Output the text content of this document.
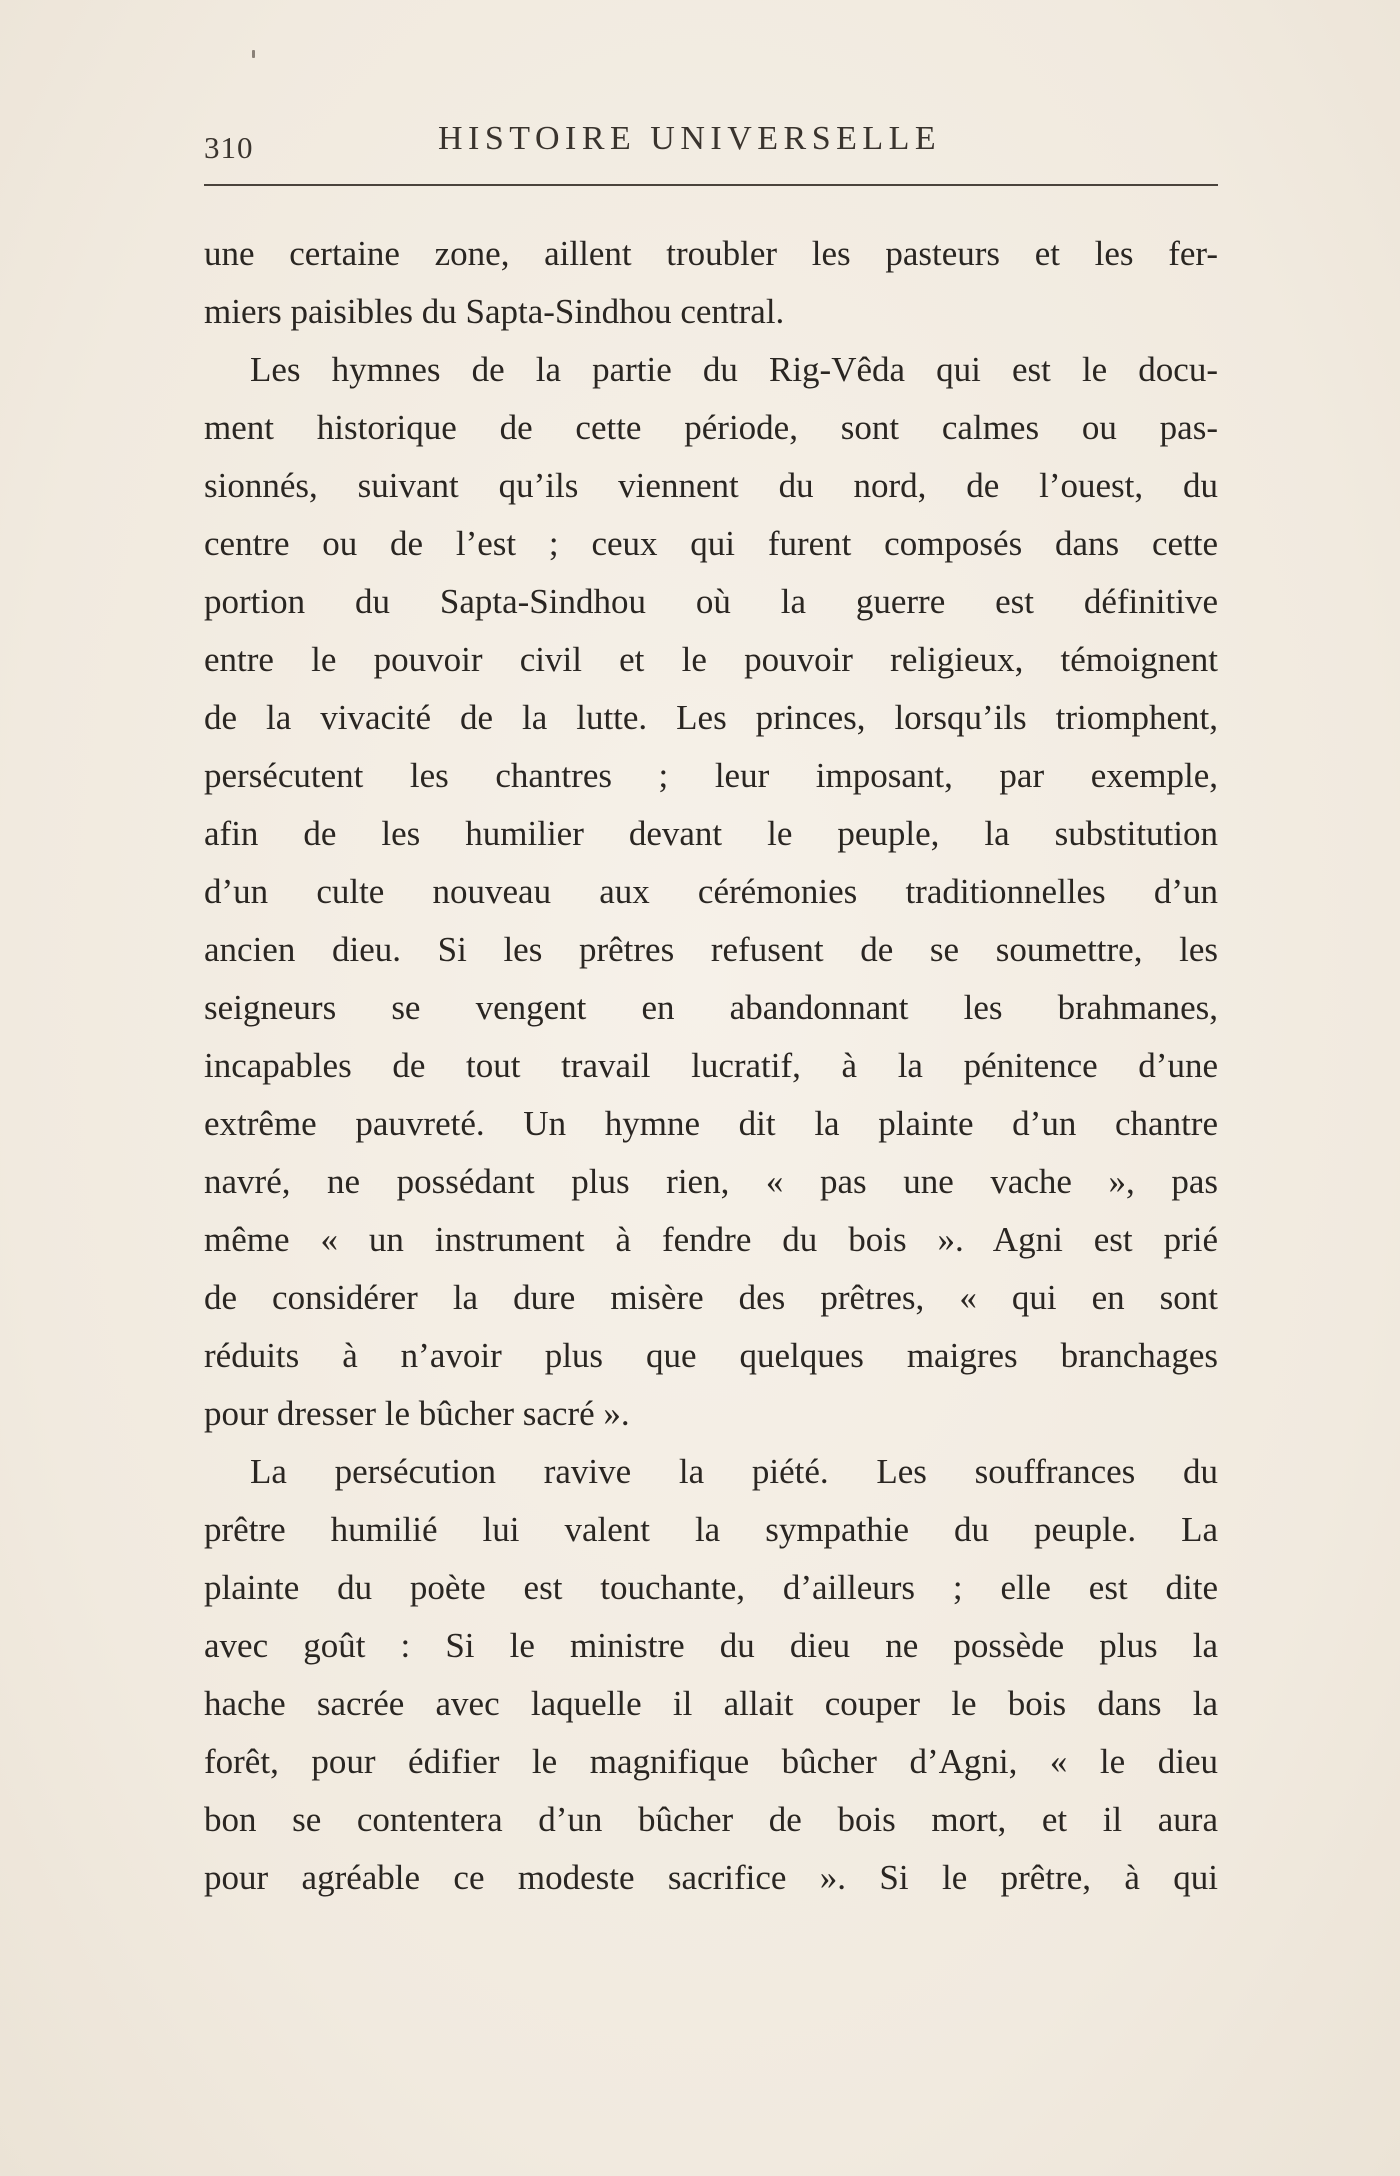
310	HISTOIRE UNIVERSELLE
une certaine zone, aillent troubler les pasteurs et les fer-
miers paisibles du Sapta-Sindhou central.
Les hymnes de la partie du Rig-Vêda qui est le docu-
ment historique de cette période, sont calmes ou pas-
sionnés, suivant qu’ils viennent du nord, de l’ouest, du
centre ou de l’est ; ceux qui furent composés dans cette
portion du Sapta-Sindhou où la guerre est définitive
entre le pouvoir civil et le pouvoir religieux, témoignent
de la vivacité de la lutte. Les princes, lorsqu’ils triomphent,
persécutent les chantres ; leur imposant, par exemple,
afin de les humilier devant le peuple, la substitution
d’un culte nouveau aux cérémonies traditionnelles d’un
ancien dieu. Si les prêtres refusent de se soumettre, les
seigneurs se vengent en abandonnant les brahmanes,
incapables de tout travail lucratif, à la pénitence d’une
extrême pauvreté. Un hymne dit la plainte d’un chantre
navré, ne possédant plus rien, « pas une vache », pas
même « un instrument à fendre du bois ». Agni est prié
de considérer la dure misère des prêtres, « qui en sont
réduits à n’avoir plus que quelques maigres branchages
pour dresser le bûcher sacré ».
La persécution ravive la piété. Les souffrances du
prêtre humilié lui valent la sympathie du peuple. La
plainte du poète est touchante, d’ailleurs ; elle est dite
avec goût : Si le ministre du dieu ne possède plus la
hache sacrée avec laquelle il allait couper le bois dans la
forêt, pour édifier le magnifique bûcher d’Agni, « le dieu
bon se contentera d’un bûcher de bois mort, et il aura
pour agréable ce modeste sacrifice ». Si le prêtre, à qui
